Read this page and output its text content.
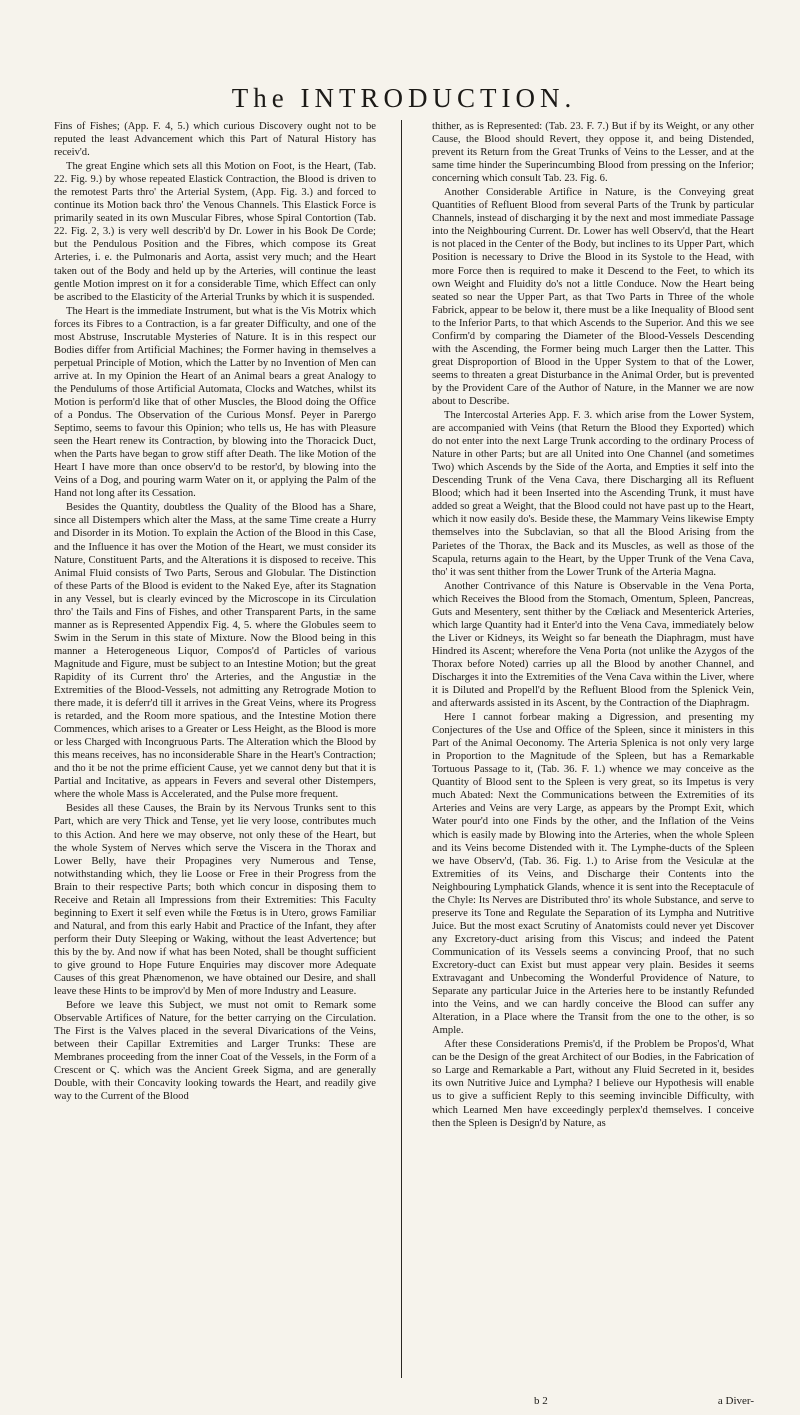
The INTRODUCTION.

Fins of Fishes; (App. F. 4, 5.) which curious Discovery ought not to be reputed the least Advancement which this Part of Natural History has receiv'd.

The great Engine which sets all this Motion on Foot, is the Heart, (Tab. 22. Fig. 9.) by whose repeated Elastick Contraction, the Blood is driven to the remotest Parts thro' the Arterial System, (App. Fig. 3.) and forced to continue its Motion back thro' the Venous Channels. This Elastick Force is primarily seated in its own Muscular Fibres, whose Spiral Contortion (Tab. 22. Fig. 2, 3.) is very well describ'd by Dr. Lower in his Book De Corde; but the Pendulous Position and the Fibres, which compose its Great Arteries, i. e. the Pulmonaris and Aorta, assist very much; and the Heart taken out of the Body and held up by the Arteries, will continue the least gentle Motion imprest on it for a considerable Time, which Effect can only be ascribed to the Elasticity of the Arterial Trunks by which it is suspended.

The Heart is the immediate Instrument, but what is the Vis Motrix which forces its Fibres to a Contraction, is a far greater Difficulty, and one of the most Abstruse, Inscrutable Mysteries of Nature. It is in this respect our Bodies differ from Artificial Machines; the Former having in themselves a perpetual Principle of Motion, which the Latter by no Invention of Men can arrive at. In my Opinion the Heart of an Animal bears a great Analogy to the Pendulums of those Artificial Automata, Clocks and Watches, whilst its Motion is perform'd like that of other Muscles, the Blood doing the Office of a Pondus. The Observation of the Curious Monsf. Peyer in Parergo Septimo, seems to favour this Opinion; who tells us, He has with Pleasure seen the Heart renew its Contraction, by blowing into the Thoracick Duct, when the Parts have began to grow stiff after Death. The like Motion of the Heart I have more than once observ'd to be restor'd, by blowing into the Veins of a Dog, and pouring warm Water on it, or applying the Palm of the Hand not long after its Cessation.

Besides the Quantity, doubtless the Quality of the Blood has a Share, since all Distempers which alter the Mass, at the same Time create a Hurry and Disorder in its Motion. To explain the Action of the Blood in this Case, and the Influence it has over the Motion of the Heart, we must consider its Nature, Constituent Parts, and the Alterations it is disposed to receive. This Animal Fluid consists of Two Parts, Serous and Globular. The Distinction of these Parts of the Blood is evident to the Naked Eye, after its Stagnation in any Vessel, but is clearly evinced by the Microscope in its Circulation thro' the Tails and Fins of Fishes, and other Transparent Parts, in the same manner as is Represented Appendix Fig. 4, 5. where the Globules seem to Swim in the Serum in this state of Mixture. Now the Blood being in this manner a Heterogeneous Liquor, Compos'd of Particles of various Magnitude and Figure, must be subject to an Intestine Motion; but the great Rapidity of its Current thro' the Arteries, and the Angustiæ in the Extremities of the Blood-Vessels, not admitting any Retrograde Motion to there made, it is deferr'd till it arrives in the Great Veins, where its Progress is retarded, and the Room more spatious, and the Intestine Motion there Commences, which arises to a Greater or Less Height, as the Blood is more or less Charged with Incongruous Parts. The Alteration which the Blood by this means receives, has no inconsiderable Share in the Heart's Contraction; and tho it be not the prime efficient Cause, yet we cannot deny but that it is Partial and Incitative, as appears in Fevers and several other Distempers, where the whole Mass is Accelerated, and the Pulse more frequent.

Besides all these Causes, the Brain by its Nervous Trunks sent to this Part, which are very Thick and Tense, yet lie very loose, contributes much to this Action. And here we may observe, not only these of the Heart, but the whole System of Nerves which serve the Viscera in the Thorax and Lower Belly, have their Propagines very Numerous and Tense, notwithstanding which, they lie Loose or Free in their Progress from the Brain to their respective Parts; both which concur in disposing them to Receive and Retain all Impressions from their Extremities: This Faculty beginning to Exert it self even while the Fœtus is in Utero, grows Familiar and Natural, and from this early Habit and Practice of the Infant, they after perform their Duty Sleeping or Waking, without the least Advertence; but this by the by. And now if what has been Noted, shall be thought sufficient to give ground to Hope Future Enquiries may discover more Adequate Causes of this great Phænomenon, we have obtained our Desire, and shall leave these Hints to be improv'd by Men of more Industry and Leasure.

Before we leave this Subject, we must not omit to Remark some Observable Artifices of Nature, for the better carrying on the Circulation. The First is the Valves placed in the several Divarications of the Veins, between their Capillar Extremities and Larger Trunks: These are Membranes proceeding from the inner Coat of the Vessels, in the Form of a Crescent or Ϛ. which was the Ancient Greek Sigma, and are generally Double, with their Concavity looking towards the Heart, and readily give way to the Current of the Blood

thither, as is Represented: (Tab. 23. F. 7.) But if by its Weight, or any other Cause, the Blood should Revert, they oppose it, and being Distended, prevent its Return from the Great Trunks of Veins to the Lesser, and at the same time hinder the Superincumbing Blood from pressing on the Inferior; concerning which consult Tab. 23. Fig. 6.

Another Considerable Artifice in Nature, is the Conveying great Quantities of Refluent Blood from several Parts of the Trunk by particular Channels, instead of discharging it by the next and most immediate Passage into the Neighbouring Current. Dr. Lower has well Observ'd, that the Heart is not placed in the Center of the Body, but inclines to its Upper Part, which Position is necessary to Drive the Blood in its Systole to the Head, with more Force then is required to make it Descend to the Feet, to which its own Weight and Fluidity do's not a little Conduce. Now the Heart being seated so near the Upper Part, as that Two Parts in Three of the whole Fabrick, appear to be below it, there must be a like Inequality of Blood sent to the Inferior Parts, to that which Ascends to the Superior. And this we see Confirm'd by comparing the Diameter of the Blood-Vessels Descending with the Ascending, the Former being much Larger then the Latter. This great Disproportion of Blood in the Upper System to that of the Lower, seems to threaten a great Disturbance in the Animal Order, but is prevented by the Provident Care of the Author of Nature, in the Manner we are now about to Describe.

The Intercostal Arteries App. F. 3. which arise from the Lower System, are accompanied with Veins (that Return the Blood they Exported) which do not enter into the next Large Trunk according to the ordinary Process of Nature in other Parts; but are all United into One Channel (and sometimes Two) which Ascends by the Side of the Aorta, and Empties it self into the Descending Trunk of the Vena Cava, there Discharging all its Refluent Blood; which had it been Inserted into the Ascending Trunk, it must have added so great a Weight, that the Blood could not have past up to the Heart, which it now easily do's. Beside these, the Mammary Veins likewise Empty themselves into the Subclavian, so that all the Blood Arising from the Parietes of the Thorax, the Back and its Muscles, as well as those of the Scapula, returns again to the Heart, by the Upper Trunk of the Vena Cava, tho' it was sent thither from the Lower Trunk of the Arteria Magna.

Another Contrivance of this Nature is Observable in the Vena Porta, which Receives the Blood from the Stomach, Omentum, Spleen, Pancreas, Guts and Mesentery, sent thither by the Cœliack and Mesenterick Arteries, which large Quantity had it Enter'd into the Vena Cava, immediately below the Liver or Kidneys, its Weight so far beneath the Diaphragm, must have Hindred its Ascent; wherefore the Vena Porta (not unlike the Azygos of the Thorax before Noted) carries up all the Blood by another Channel, and Discharges it into the Extremities of the Vena Cava within the Liver, where it is Diluted and Propell'd by the Refluent Blood from the Splenick Vein, and afterwards assisted in its Ascent, by the Contraction of the Diaphragm.

Here I cannot forbear making a Digression, and presenting my Conjectures of the Use and Office of the Spleen, since it ministers in this Part of the Animal Oeconomy. The Arteria Splenica is not only very large in Proportion to the Magnitude of the Spleen, but has a Remarkable Tortuous Passage to it, (Tab. 36. F. 1.) whence we may conceive as the Quantity of Blood sent to the Spleen is very great, so its Impetus is very much Abated: Next the Communications between the Extremities of its Arteries and Veins are very Large, as appears by the Prompt Exit, which Water pour'd into one Finds by the other, and the Inflation of the Veins which is easily made by Blowing into the Arteries, when the whole Spleen and its Veins become Distended with it. The Lymphe-ducts of the Spleen we have Observ'd, (Tab. 36. Fig. 1.) to Arise from the Vesiculæ at the Extremities of its Veins, and Discharge their Contents into the Neighbouring Lymphatick Glands, whence it is sent into the Receptacule of the Chyle: Its Nerves are Distributed thro' its whole Substance, and serve to preserve its Tone and Regulate the Separation of its Lympha and Nutritive Juice. But the most exact Scrutiny of Anatomists could never yet Discover any Excretory-duct arising from this Viscus; and indeed the Patent Communication of its Vessels seems a convincing Proof, that no such Excretory-duct can Exist but must appear very plain. Besides it seems Extravagant and Unbecoming the Wonderful Providence of Nature, to Separate any particular Juice in the Arteries here to be instantly Refunded into the Veins, and we can hardly conceive the Blood can suffer any Alteration, in a Place where the Transit from the one to the other, is so Ample.

After these Considerations Premis'd, if the Problem be Propos'd, What can be the Design of the great Architect of our Bodies, in the Fabrication of so Large and Remarkable a Part, without any Fluid Secreted in it, besides its own Nutritive Juice and Lympha? I believe our Hypothesis will enable us to give a sufficient Reply to this seeming invincible Difficulty, with which Learned Men have exceedingly perplex'd themselves. I conceive then the Spleen is Design'd by Nature, as

b 2	a Diver-
